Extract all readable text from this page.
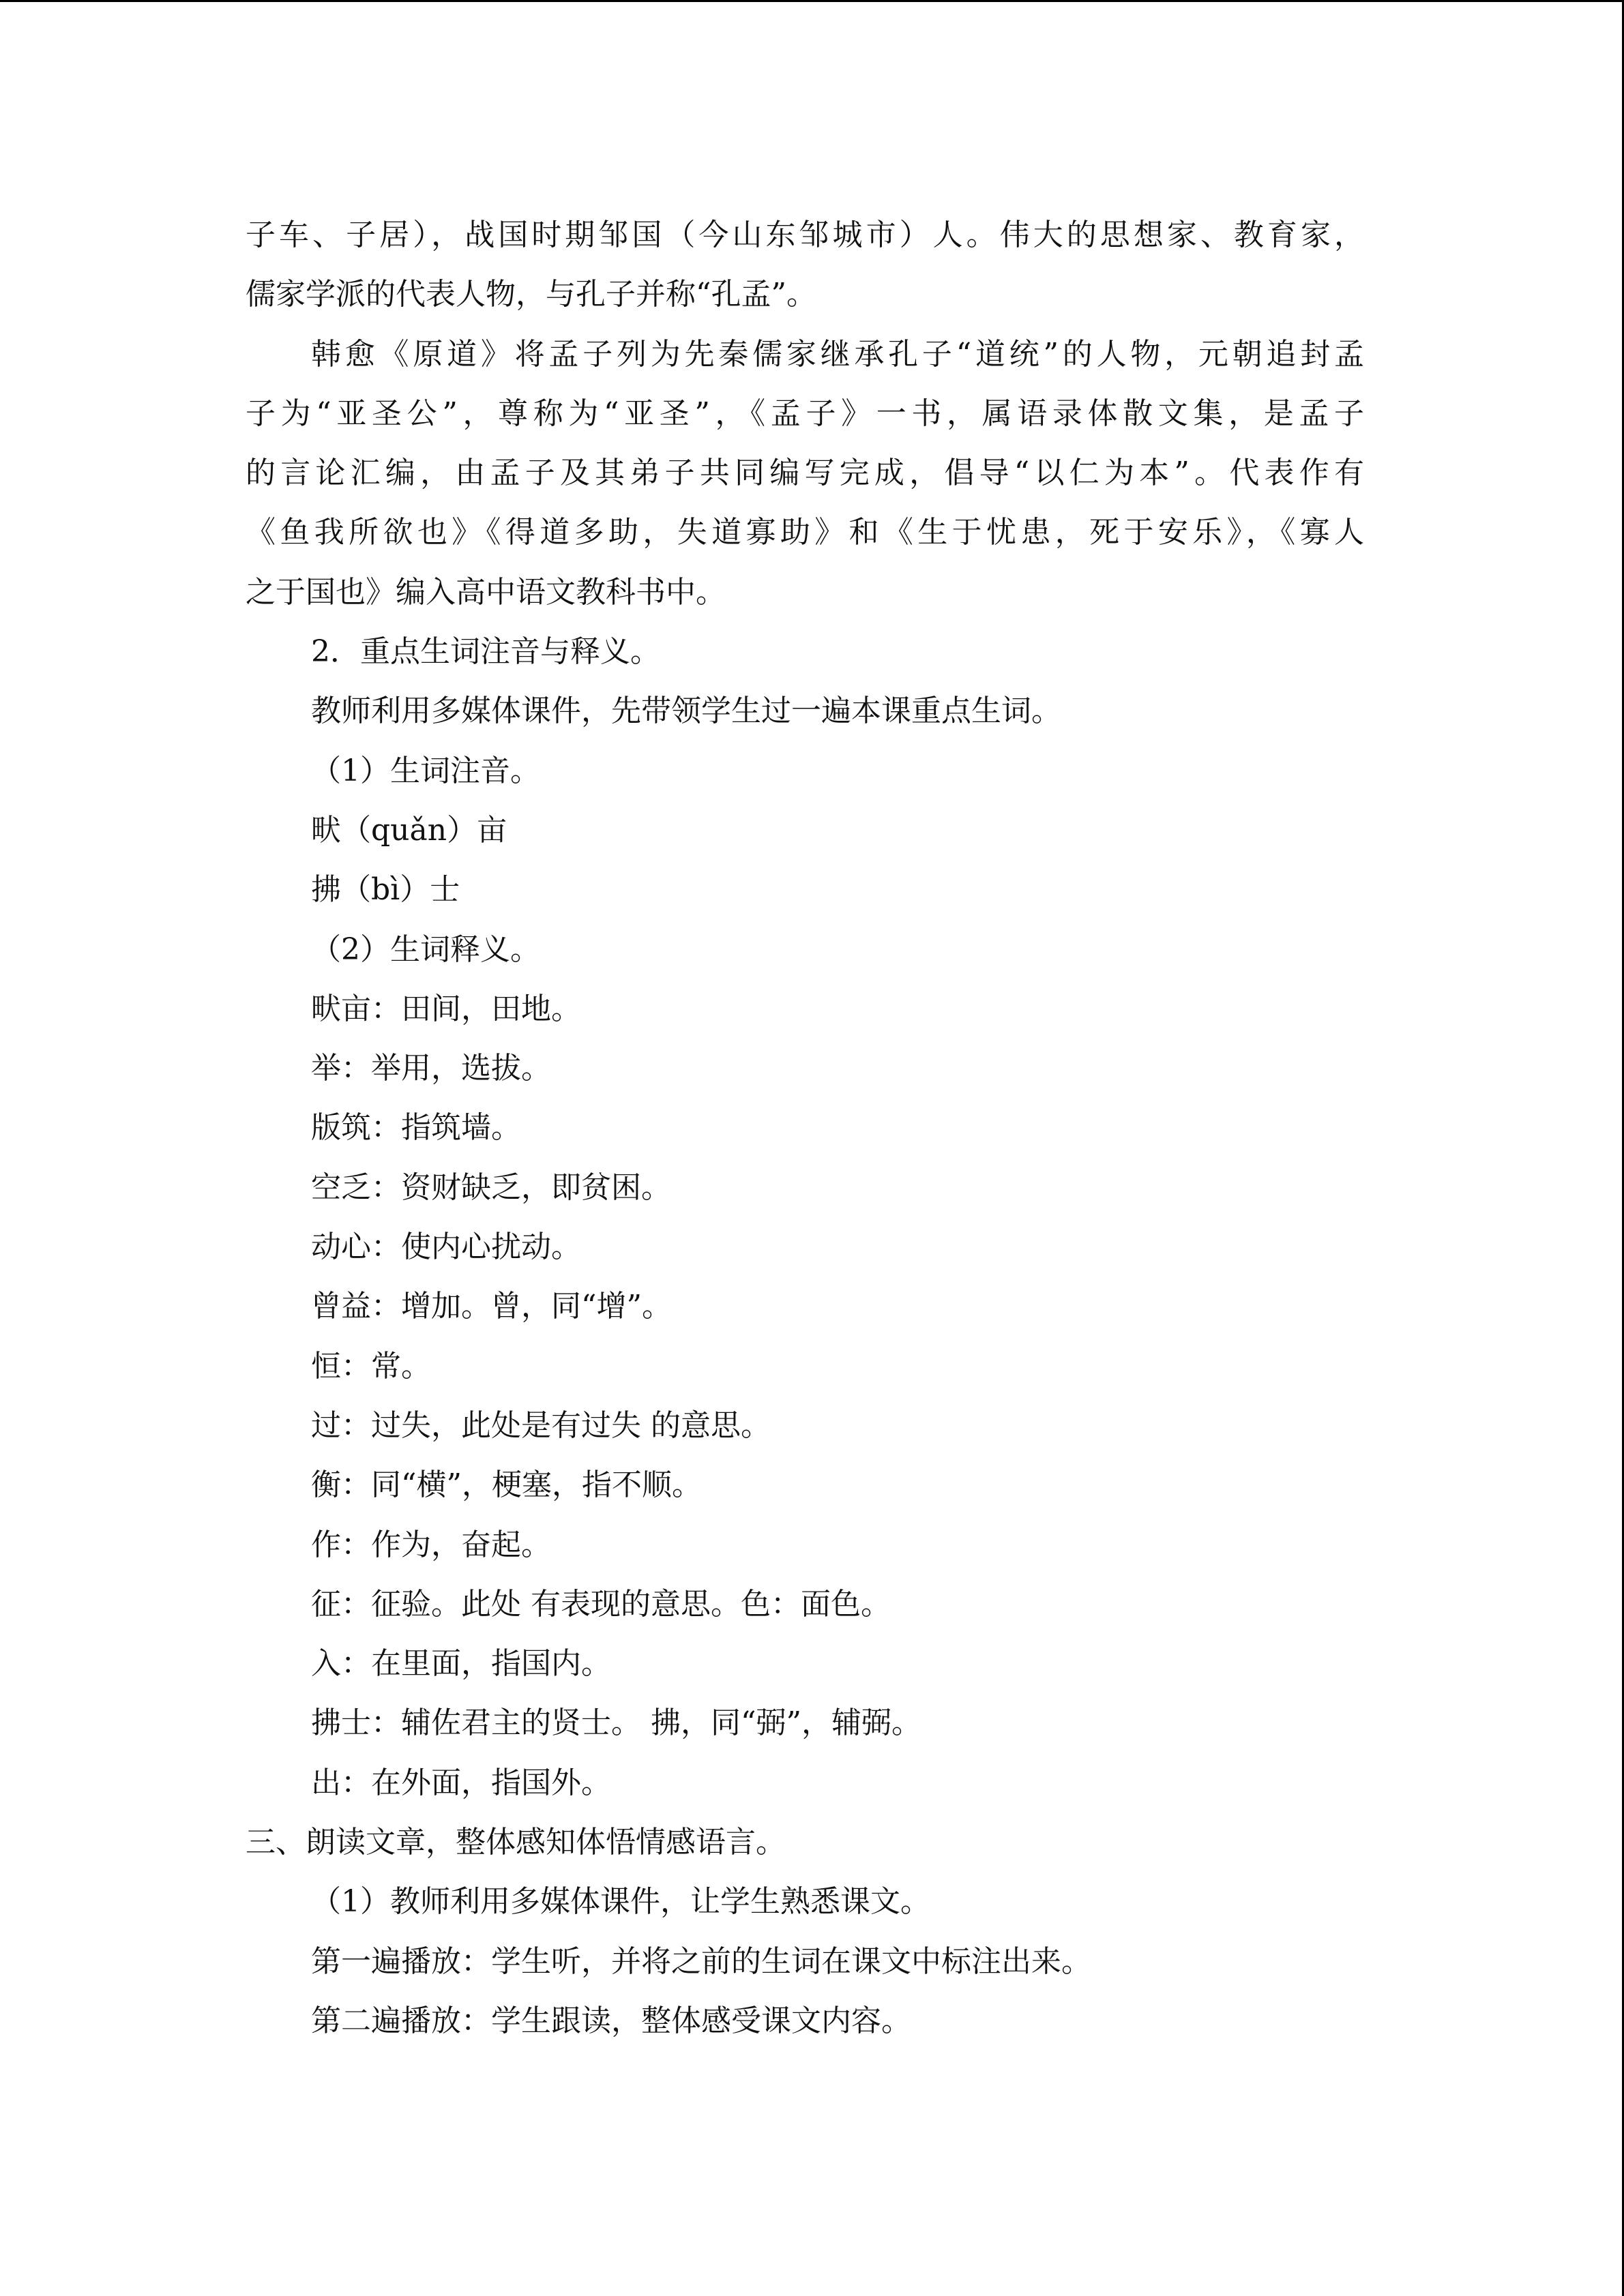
子车、子居），战国时期邹国（今山东邹城市）人。伟大的思想家、教育家，
儒家学派的代表人物，与孔子并称“孔孟”。
韩愈《原道》将孟子列为先秦儒家继承孔子“道统”的人物，元朝追封孟
子为“亚圣公”，尊称为“亚圣”，《孟子》一书，属语录体散文集，是孟子
的言论汇编，由孟子及其弟子共同编写完成，倡导“以仁为本”。代表作有
《鱼我所欲也》《得道多助，失道寡助》和《生于忧患，死于安乐》，《寡人
之于国也》编入高中语文教科书中。
2．重点生词注音与释义。
教师利用多媒体课件，先带领学生过一遍本课重点生词。
（1）生词注音。
畎（quǎn）亩
拂（bì）士
（2）生词释义。
畎亩：田间，田地。
举：举用，选拔。
版筑：指筑墙。
空乏：资财缺乏，即贫困。
动心：使内心扰动。
曾益：增加。曾，同“增”。
恒：常。
过：过失，此处是有过失 的意思。
衡：同“横”，梗塞，指不顺。
作：作为，奋起。
征：征验。此处 有表现的意思。色：面色。
入：在里面，指国内。
拂士：辅佐君主的贤士。 拂，同“弼”，辅弼。
出：在外面，指国外。
三、朗读文章，整体感知体悟情感语言。
（1）教师利用多媒体课件，让学生熟悉课文。
第一遍播放：学生听，并将之前的生词在课文中标注出来。
第二遍播放：学生跟读，整体感受课文内容。
